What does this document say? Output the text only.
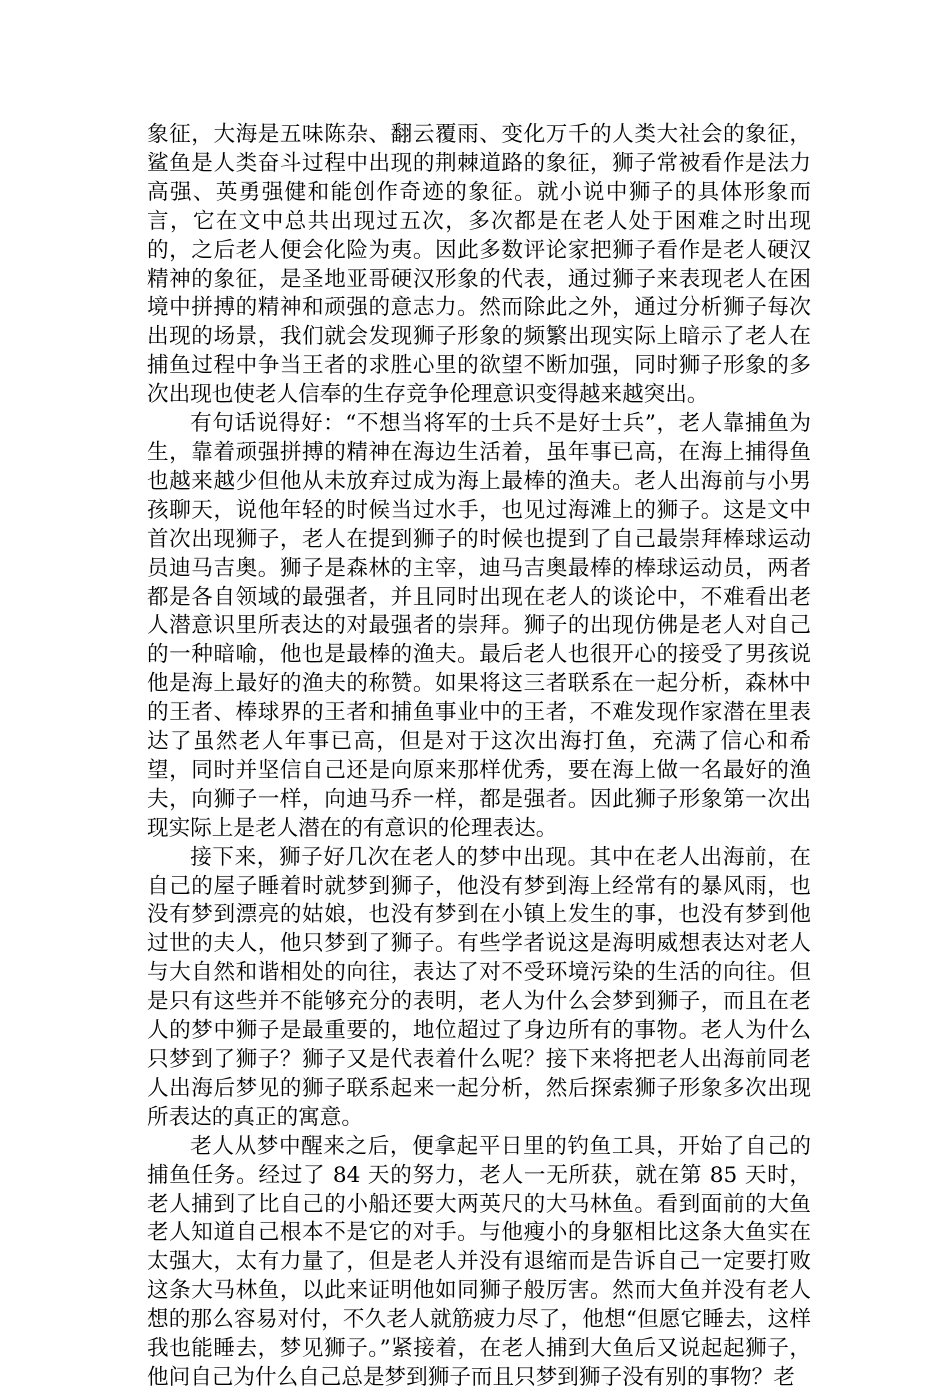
象征，大海是五味陈杂、翻云覆雨、变化万千的人类大社会的象征，鲨鱼是人类奋斗过程中出现的荆棘道路的象征，狮子常被看作是法力高强、英勇强健和能创作奇迹的象征。就小说中狮子的具体形象而言，它在文中总共出现过五次，多次都是在老人处于困难之时出现的，之后老人便会化险为夷。因此多数评论家把狮子看作是老人硬汉精神的象征，是圣地亚哥硬汉形象的代表，通过狮子来表现老人在困境中拼搏的精神和顽强的意志力。然而除此之外，通过分析狮子每次出现的场景，我们就会发现狮子形象的频繁出现实际上暗示了老人在捕鱼过程中争当王者的求胜心里的欲望不断加强，同时狮子形象的多次出现也使老人信奉的生存竞争伦理意识变得越来越突出。

有句话说得好：“不想当将军的士兵不是好士兵”，老人靠捕鱼为生，靠着顽强拼搏的精神在海边生活着，虽年事已高，在海上捕得鱼也越来越少但他从未放弃过成为海上最棒的渔夫。老人出海前与小男孩聊天，说他年轻的时候当过水手，也见过海滩上的狮子。这是文中首次出现狮子，老人在提到狮子的时候也提到了自己最崇拜棒球运动员迪马吉奥。狮子是森林的主宰，迪马吉奥最棒的棒球运动员，两者都是各自领域的最强者，并且同时出现在老人的谈论中，不难看出老人潜意识里所表达的对最强者的崇拜。狮子的出现仿佛是老人对自己的一种暗喻，他也是最棒的渔夫。最后老人也很开心的接受了男孩说他是海上最好的渔夫的称赞。如果将这三者联系在一起分析，森林中的王者、棒球界的王者和捕鱼事业中的王者，不难发现作家潜在里表达了虽然老人年事已高，但是对于这次出海打鱼，充满了信心和希望，同时并坚信自己还是向原来那样优秀，要在海上做一名最好的渔夫，向狮子一样，向迪马乔一样，都是强者。因此狮子形象第一次出现实际上是老人潜在的有意识的伦理表达。

接下来，狮子好几次在老人的梦中出现。其中在老人出海前，在自己的屋子睡着时就梦到狮子，他没有梦到海上经常有的暴风雨，也没有梦到漂亮的姑娘，也没有梦到在小镇上发生的事，也没有梦到他过世的夫人，他只梦到了狮子。有些学者说这是海明威想表达对老人与大自然和谐相处的向往，表达了对不受环境污染的生活的向往。但是只有这些并不能够充分的表明，老人为什么会梦到狮子，而且在老人的梦中狮子是最重要的，地位超过了身边所有的事物。老人为什么只梦到了狮子？狮子又是代表着什么呢？接下来将把老人出海前同老人出海后梦见的狮子联系起来一起分析，然后探索狮子形象多次出现所表达的真正的寓意。

老人从梦中醒来之后，便拿起平日里的钓鱼工具，开始了自己的捕鱼任务。经过了 84 天的努力，老人一无所获，就在第 85 天时，老人捕到了比自己的小船还要大两英尺的大马林鱼。看到面前的大鱼老人知道自己根本不是它的对手。与他瘦小的身躯相比这条大鱼实在太强大，太有力量了，但是老人并没有退缩而是告诉自己一定要打败这条大马林鱼，以此来证明他如同狮子般厉害。然而大鱼并没有老人想的那么容易对付，不久老人就筋疲力尽了，他想“但愿它睡去，这样我也能睡去，梦见狮子。”紧接着，在老人捕到大鱼后又说起起狮子，他问自己为什么自己总是梦到狮子而且只梦到狮子没有别的事物？老
